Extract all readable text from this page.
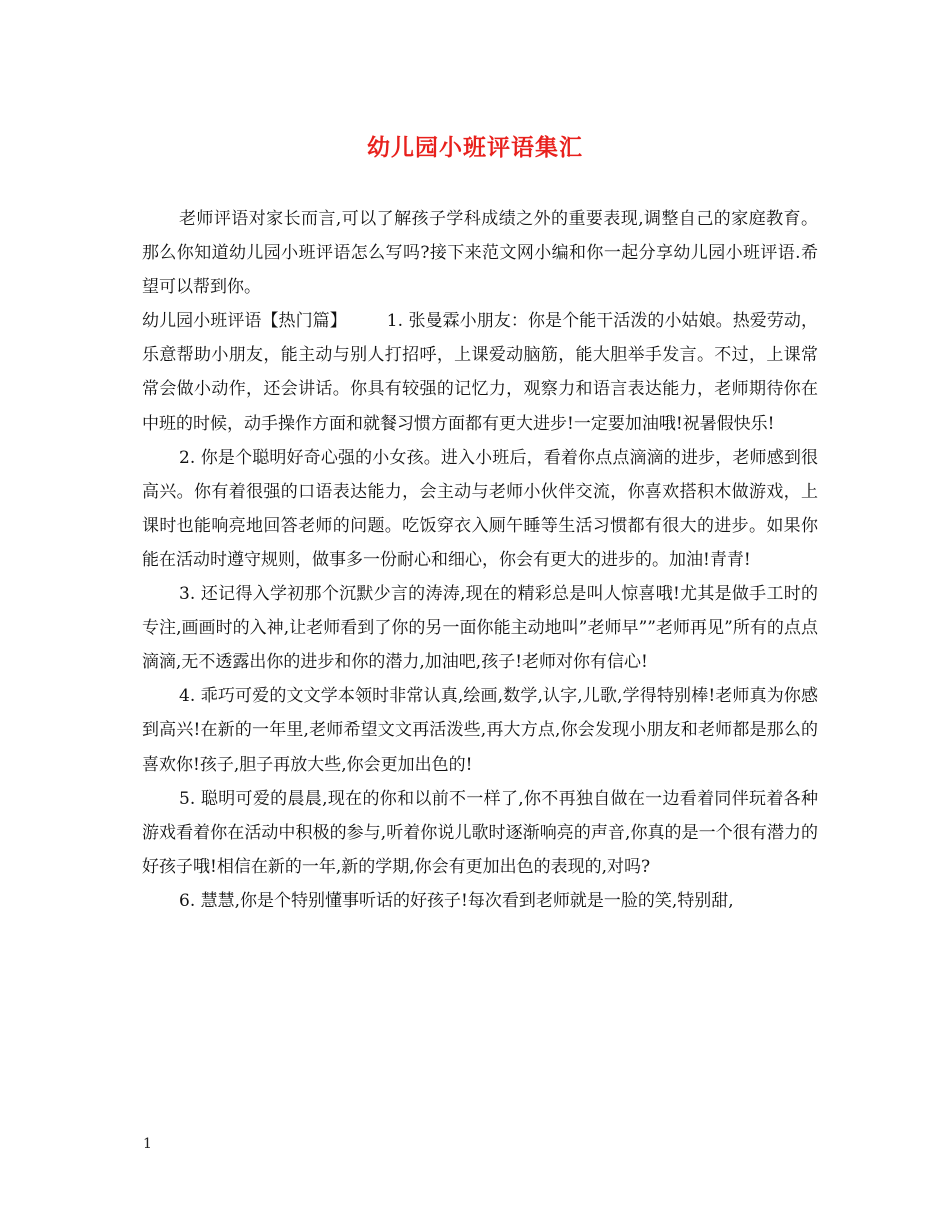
幼儿园小班评语集汇

老师评语对家长而言,可以了解孩子学科成绩之外的重要表现,调整自己的家庭教育。那么你知道幼儿园小班评语怎么写吗?接下来范文网小编和你一起分享幼儿园小班评语.希望可以帮到你。

幼儿园小班评语【热门篇】 1. 张曼霖小朋友：你是个能干活泼的小姑娘。热爱劳动，乐意帮助小朋友，能主动与别人打招呼，上课爱动脑筋，能大胆举手发言。不过，上课常常会做小动作，还会讲话。你具有较强的记忆力，观察力和语言表达能力，老师期待你在中班的时候，动手操作方面和就餐习惯方面都有更大进步!一定要加油哦!祝暑假快乐!

2. 你是个聪明好奇心强的小女孩。进入小班后，看着你点点滴滴的进步，老师感到很高兴。你有着很强的口语表达能力，会主动与老师小伙伴交流，你喜欢搭积木做游戏，上课时也能响亮地回答老师的问题。吃饭穿衣入厕午睡等生活习惯都有很大的进步。如果你能在活动时遵守规则，做事多一份耐心和细心，你会有更大的进步的。加油!青青!

3. 还记得入学初那个沉默少言的涛涛,现在的精彩总是叫人惊喜哦!尤其是做手工时的专注,画画时的入神,让老师看到了你的另一面你能主动地叫”老师早””老师再见”所有的点点滴滴,无不透露出你的进步和你的潜力,加油吧,孩子!老师对你有信心!

4. 乖巧可爱的文文学本领时非常认真,绘画,数学,认字,儿歌,学得特别棒!老师真为你感到高兴!在新的一年里,老师希望文文再活泼些,再大方点,你会发现小朋友和老师都是那么的喜欢你!孩子,胆子再放大些,你会更加出色的!

5. 聪明可爱的晨晨,现在的你和以前不一样了,你不再独自做在一边看着同伴玩着各种游戏看着你在活动中积极的参与,听着你说儿歌时逐渐响亮的声音,你真的是一个很有潜力的好孩子哦!相信在新的一年,新的学期,你会有更加出色的表现的,对吗?

6. 慧慧,你是个特别懂事听话的好孩子!每次看到老师就是一脸的笑,特别甜,

1
